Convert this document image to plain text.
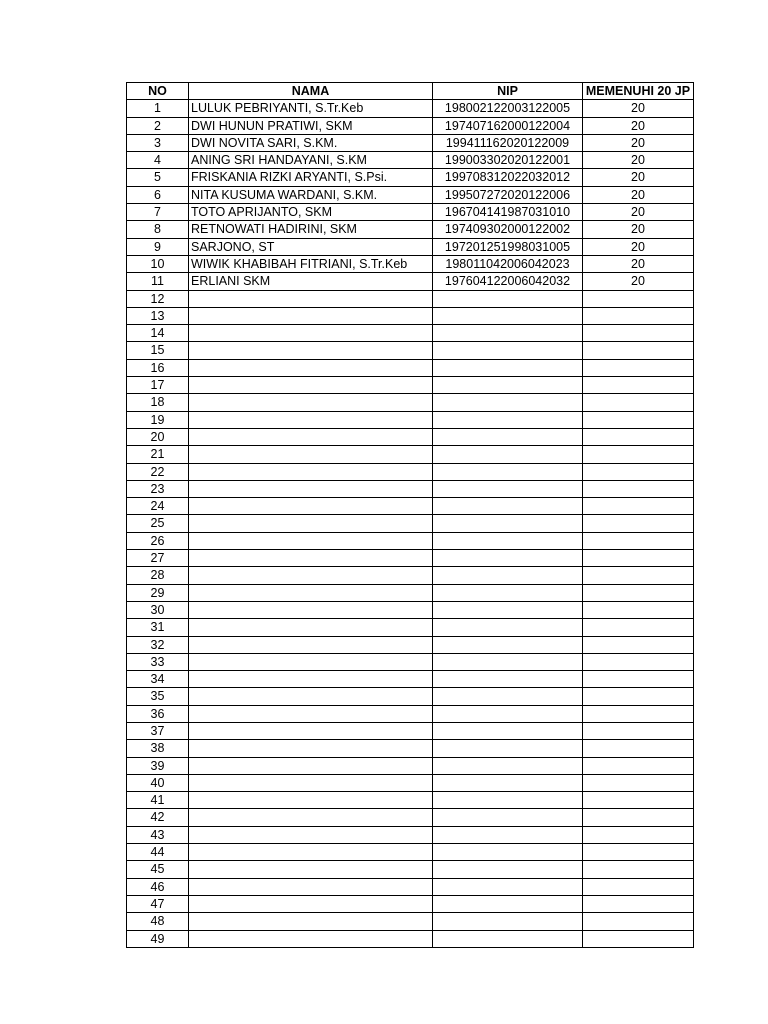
NO	NAMA	NIP	MEMENUHI 20 JP
1	LULUK PEBRIYANTI, S.Tr.Keb	198002122003122005	20
2	DWI HUNUN PRATIWI, SKM	197407162000122004	20
3	DWI NOVITA SARI, S.KM.	199411162020122009	20
4	ANING SRI HANDAYANI, S.KM	199003302020122001	20
5	FRISKANIA RIZKI ARYANTI, S.Psi.	199708312022032012	20
6	NITA KUSUMA WARDANI, S.KM.	199507272020122006	20
7	TOTO APRIJANTO, SKM	196704141987031010	20
8	RETNOWATI HADIRINI, SKM	197409302000122002	20
9	SARJONO, ST	197201251998031005	20
10	WIWIK KHABIBAH FITRIANI, S.Tr.Keb	198011042006042023	20
11	ERLIANI SKM	197604122006042032	20
12			
13			
14			
15			
16			
17			
18			
19			
20			
21			
22			
23			
24			
25			
26			
27			
28			
29			
30			
31			
32			
33			
34			
35			
36			
37			
38			
39			
40			
41			
42			
43			
44			
45			
46			
47			
48			
49			
